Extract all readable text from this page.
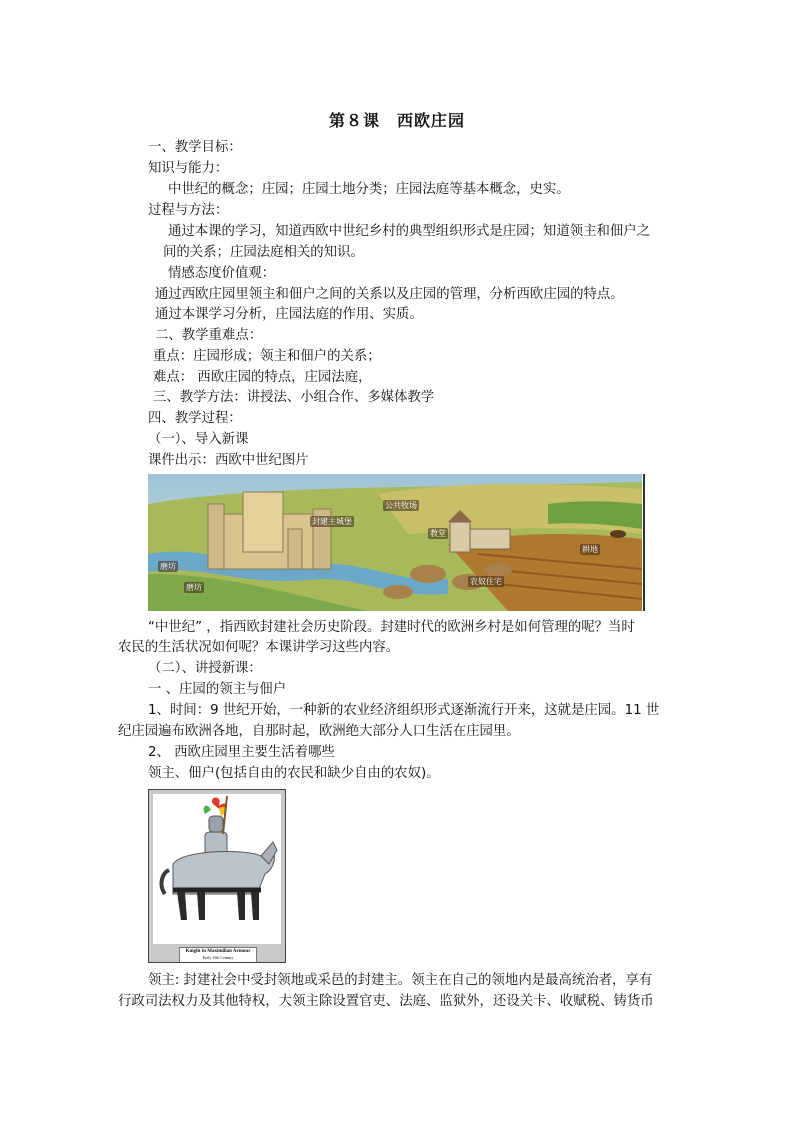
第８课　西欧庄园
一、教学目标：
知识与能力：
中世纪的概念；庄园；庄园土地分类；庄园法庭等基本概念，史实。
过程与方法：
通过本课的学习，知道西欧中世纪乡村的典型组织形式是庄园；知道领主和佃户之
间的关系；庄园法庭相关的知识。
情感态度价值观：
通过西欧庄园里领主和佃户之间的关系以及庄园的管理，分析西欧庄园的特点。
通过本课学习分析，庄园法庭的作用、实质。
二、教学重难点：
重点：庄园形成；领主和佃户的关系；
难点： 西欧庄园的特点，庄园法庭，
三、教学方法：讲授法、小组合作、多媒体教学
四、教学过程：
（一）、导入新课
课件出示：西欧中世纪图片
公共牧场
封建主城堡
教堂
磨坊
农奴住宅
耕地
磨坊
“中世纪” ，指西欧封建社会历史阶段。封建时代的欧洲乡村是如何管理的呢？当时
农民的生活状况如何呢？本课讲学习这些内容。
（二）、讲授新课：
一 、庄园的领主与佃户
1、时间：9 世纪开始，一种新的农业经济组织形式逐渐流行开来，这就是庄园。11 世
纪庄园遍布欧洲各地，自那时起，欧洲绝大部分人口生活在庄园里。
2、 西欧庄园里主要生活着哪些
领主、佃户(包括自由的农民和缺少自由的农奴)。
Knight in Maximilian Armour
Early 16th Century
领主: 封建社会中受封领地或采邑的封建主。领主在自己的领地内是最高统治者，享有
行政司法权力及其他特权，大领主除设置官吏、法庭、监狱外，还设关卡、收赋税、铸货币
